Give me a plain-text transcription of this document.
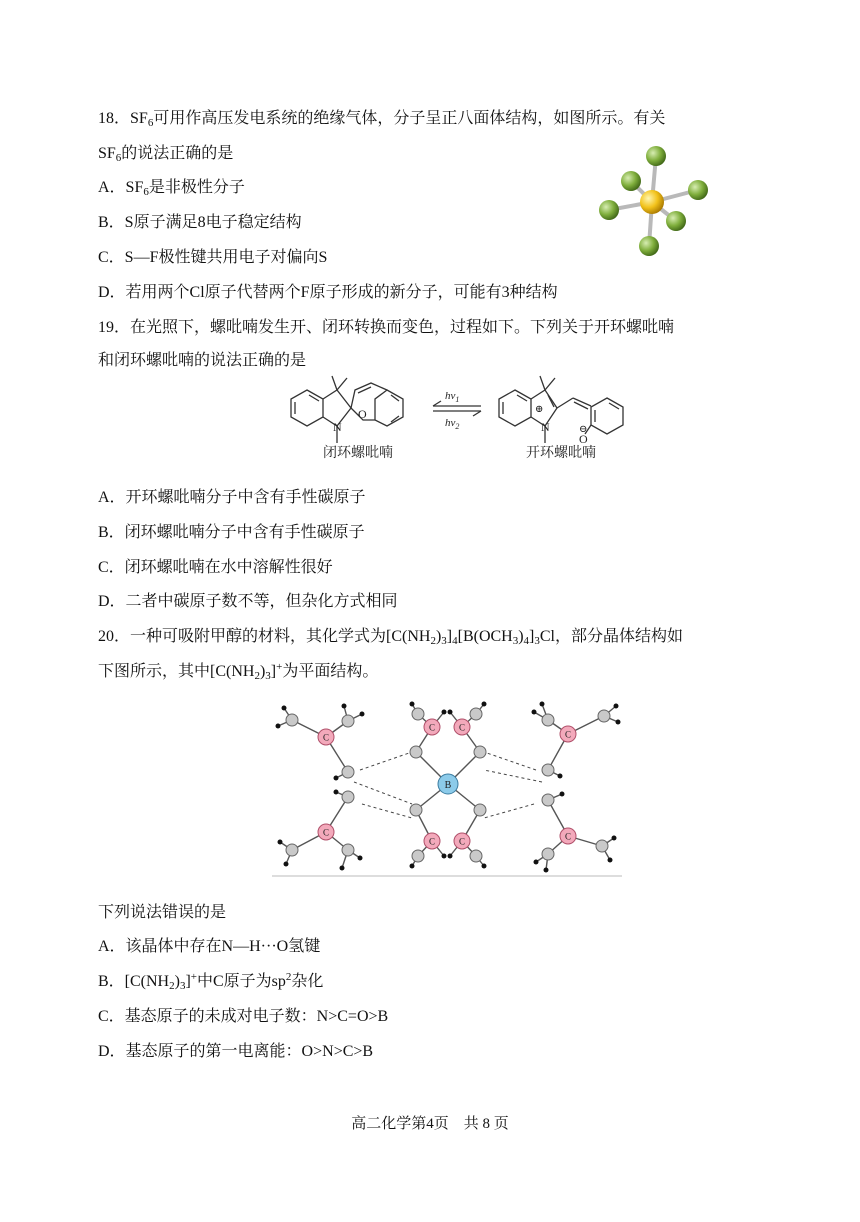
18．$SF_6$可用作高压发电系统的绝缘气体，分子呈正八面体结构，如图所示。有关
$SF_6$的说法正确的是
A．$SF_6$是非极性分子
B．S原子满足8电子稳定结构
C．S—F极性键共用电子对偏向S
D．若用两个Cl原子代替两个F原子形成的新分子，可能有3种结构
19．在光照下，螺吡喃发生开、闭环转换而变色，过程如下。下列关于开环螺吡喃
和闭环螺吡喃的说法正确的是
N
O
N
⊕
O
⊖
$h\nu_1$
$h\nu_2$
闭环螺吡喃	开环螺吡喃
A．开环螺吡喃分子中含有手性碳原子
B．闭环螺吡喃分子中含有手性碳原子
C．闭环螺吡喃在水中溶解性很好
D．二者中碳原子数不等，但杂化方式相同
20．一种可吸附甲醇的材料，其化学式为$[C(NH_2)_3]_4[B(OCH_3)_4]_3Cl$，部分晶体结构如
下图所示，其中$[C(NH_2)_3]^+$为平面结构。
C
C
C	C
C	C
C
C
B
下列说法错误的是
A．该晶体中存在N—H···O氢键
B．$[C(NH_2)_3]^+$中C原子为$sp^2$杂化
C．基态原子的未成对电子数：N>C=O>B
D．基态原子的第一电离能：O>N>C>B
高二化学第4页　共 8 页
